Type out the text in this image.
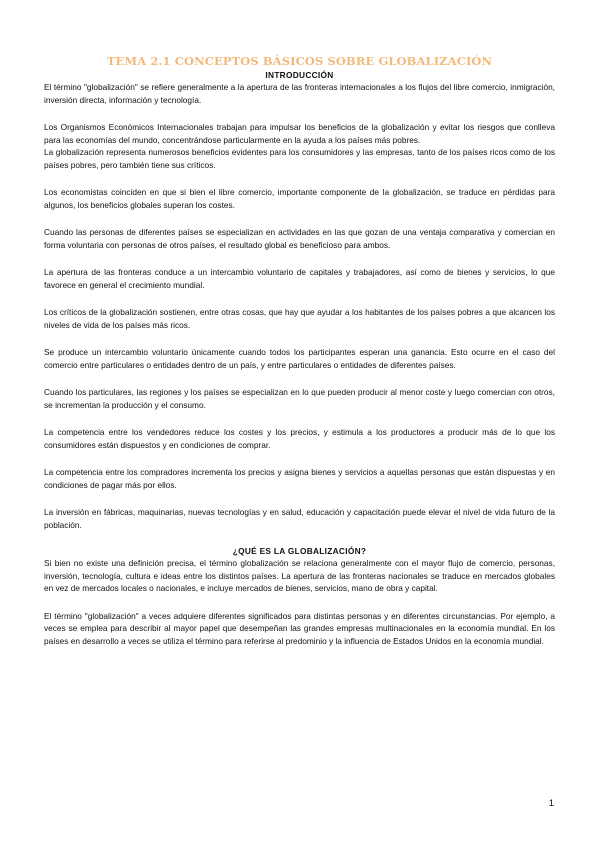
TEMA 2.1 CONCEPTOS BÁSICOS SOBRE GLOBALIZACIÓN
INTRODUCCIÓN

El término "globalización" se refiere generalmente a la apertura de las fronteras internacionales a los flujos del libre comercio, inmigración, inversión directa, información y tecnología.

Los Organismos Económicos Internacionales trabajan para impulsar los beneficios de la globalización y evitar los riesgos que conlleva para las economías del mundo, concentrándose particularmente en la ayuda a los países más pobres.

La globalización representa numerosos beneficios evidentes para los consumidores y las empresas, tanto de los países ricos como de los países pobres, pero también tiene sus críticos.

Los economistas coinciden en que si bien el libre comercio, importante componente de la globalización, se traduce en pérdidas para algunos, los beneficios globales superan los costes.

Cuando las personas de diferentes países se especializan en actividades en las que gozan de una ventaja comparativa y comercian en forma voluntaria con personas de otros países, el resultado global es beneficioso para ambos.

La apertura de las fronteras conduce a un intercambio voluntario de capitales y trabajadores, así como de bienes y servicios, lo que favorece en general el crecimiento mundial.

Los críticos de la globalización sostienen, entre otras cosas, que hay que ayudar a los habitantes de los países pobres a que alcancen los niveles de vida de los países más ricos.

Se produce un intercambio voluntario únicamente cuando todos los participantes esperan una ganancia. Esto ocurre en el caso del comercio entre particulares o entidades dentro de un país, y entre particulares o entidades de diferentes países.

Cuando los particulares, las regiones y los países se especializan en lo que pueden producir al menor coste y luego comercian con otros, se incrementan la producción y el consumo.

La competencia entre los vendedores reduce los costes y los precios, y estimula a los productores a producir más de lo que los consumidores están dispuestos y en condiciones de comprar.

La competencia entre los compradores incrementa los precios y asigna bienes y servicios a aquellas personas que están dispuestas y en condiciones de pagar más por ellos.

La inversión en fábricas, maquinarias, nuevas tecnologías y en salud, educación y capacitación puede elevar el nivel de vida futuro de la población.

¿QUÉ ES LA GLOBALIZACIÓN?

Si bien no existe una definición precisa, el término globalización se relaciona generalmente con el mayor flujo de comercio, personas, inversión, tecnología, cultura e ideas entre los distintos países. La apertura de las fronteras nacionales se traduce en mercados globales en vez de mercados locales o nacionales, e incluye mercados de bienes, servicios, mano de obra y capital.

El término "globalización" a veces adquiere diferentes significados para distintas personas y en diferentes circunstancias. Por ejemplo, a veces se emplea para describir al mayor papel que desempeñan las grandes empresas multinacionales en la economía mundial. En los países en desarrollo a veces se utiliza el término para referirse al predominio y la influencia de Estados Unidos en la economía mundial.

1
